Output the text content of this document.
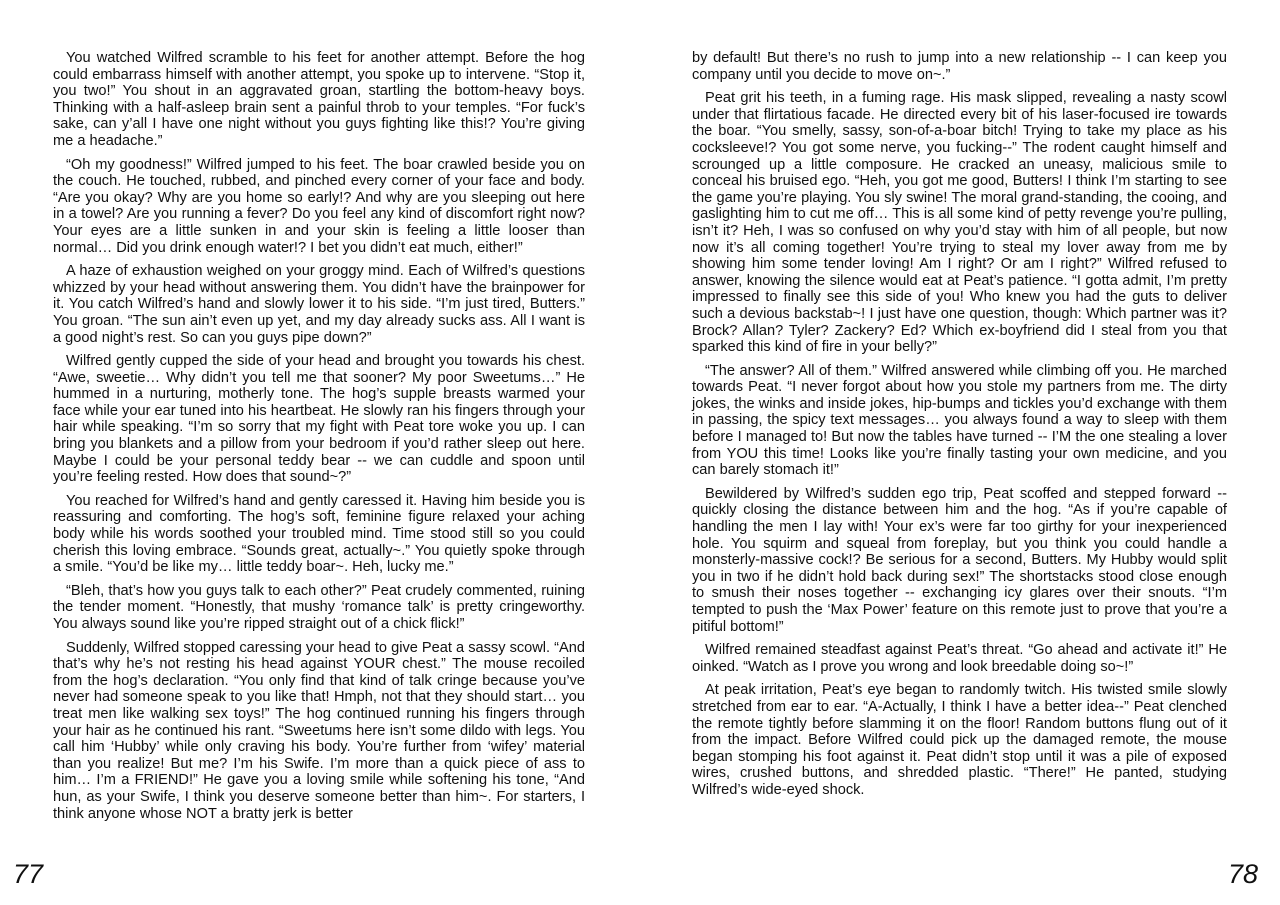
You watched Wilfred scramble to his feet for another attempt. Before the hog could embarrass himself with another attempt, you spoke up to intervene. “Stop it, you two!” You shout in an aggravated groan, startling the bottom-heavy boys. Thinking with a half-asleep brain sent a painful throb to your temples. “For fuck’s sake, can y’all I have one night without you guys fighting like this!? You’re giving me a headache.”

“Oh my goodness!” Wilfred jumped to his feet. The boar crawled beside you on the couch. He touched, rubbed, and pinched every corner of your face and body. “Are you okay? Why are you home so early!? And why are you sleeping out here in a towel? Are you running a fever? Do you feel any kind of discomfort right now? Your eyes are a little sunken in and your skin is feeling a little looser than normal… Did you drink enough water!? I bet you didn’t eat much, either!”

A haze of exhaustion weighed on your groggy mind. Each of Wilfred’s questions whizzed by your head without answering them. You didn’t have the brainpower for it. You catch Wilfred’s hand and slowly lower it to his side. “I’m just tired, Butters.” You groan. “The sun ain’t even up yet, and my day already sucks ass. All I want is a good night’s rest. So can you guys pipe down?”

Wilfred gently cupped the side of your head and brought you towards his chest. “Awe, sweetie… Why didn’t you tell me that sooner? My poor Sweetums…” He hummed in a nurturing, motherly tone. The hog’s supple breasts warmed your face while your ear tuned into his heartbeat. He slowly ran his fingers through your hair while speaking. “I’m so sorry that my fight with Peat tore woke you up. I can bring you blankets and a pillow from your bedroom if you’d rather sleep out here. Maybe I could be your personal teddy bear -- we can cuddle and spoon until you’re feeling rested. How does that sound~?”

You reached for Wilfred’s hand and gently caressed it. Having him beside you is reassuring and comforting. The hog’s soft, feminine figure relaxed your aching body while his words soothed your troubled mind. Time stood still so you could cherish this loving embrace. “Sounds great, actually~.” You quietly spoke through a smile. “You’d be like my… little teddy boar~. Heh, lucky me.”

“Bleh, that’s how you guys talk to each other?” Peat crudely commented, ruining the tender moment. “Honestly, that mushy ‘romance talk’ is pretty cringeworthy. You always sound like you’re ripped straight out of a chick flick!”

Suddenly, Wilfred stopped caressing your head to give Peat a sassy scowl. “And that’s why he’s not resting his head against YOUR chest.” The mouse recoiled from the hog’s declaration. “You only find that kind of talk cringe because you’ve never had someone speak to you like that! Hmph, not that they should start… you treat men like walking sex toys!” The hog continued running his fingers through your hair as he continued his rant. “Sweetums here isn’t some dildo with legs. You call him ‘Hubby’ while only craving his body. You’re further from ‘wifey’ material than you realize! But me? I’m his Swife. I’m more than a quick piece of ass to him… I’m a FRIEND!” He gave you a loving smile while softening his tone, “And hun, as your Swife, I think you deserve someone better than him~. For starters, I think anyone whose NOT a bratty jerk is better

by default! But there’s no rush to jump into a new relationship -- I can keep you company until you decide to move on~.”

Peat grit his teeth, in a fuming rage. His mask slipped, revealing a nasty scowl under that flirtatious facade. He directed every bit of his laser-focused ire towards the boar. “You smelly, sassy, son-of-a-boar bitch! Trying to take my place as his cocksleeve!? You got some nerve, you fucking--” The rodent caught himself and scrounged up a little composure. He cracked an uneasy, malicious smile to conceal his bruised ego. “Heh, you got me good, Butters! I think I’m starting to see the game you’re playing. You sly swine! The moral grand-standing, the cooing, and gaslighting him to cut me off… This is all some kind of petty revenge you’re pulling, isn’t it? Heh, I was so confused on why you’d stay with him of all people, but now now it’s all coming together! You’re trying to steal my lover away from me by showing him some tender loving! Am I right? Or am I right?” Wilfred refused to answer, knowing the silence would eat at Peat’s patience. “I gotta admit, I’m pretty impressed to finally see this side of you! Who knew you had the guts to deliver such a devious backstab~! I just have one question, though: Which partner was it? Brock? Allan? Tyler? Zackery? Ed? Which ex-boyfriend did I steal from you that sparked this kind of fire in your belly?”

“The answer? All of them.” Wilfred answered while climbing off you. He marched towards Peat. “I never forgot about how you stole my partners from me. The dirty jokes, the winks and inside jokes, hip-bumps and tickles you’d exchange with them in passing, the spicy text messages… you always found a way to sleep with them before I managed to! But now the tables have turned -- I’M the one stealing a lover from YOU this time! Looks like you’re finally tasting your own medicine, and you can barely stomach it!”

Bewildered by Wilfred’s sudden ego trip, Peat scoffed and stepped forward -- quickly closing the distance between him and the hog. “As if you’re capable of handling the men I lay with! Your ex’s were far too girthy for your inexperienced hole. You squirm and squeal from foreplay, but you think you could handle a monsterly-massive cock!? Be serious for a second, Butters. My Hubby would split you in two if he didn’t hold back during sex!” The shortstacks stood close enough to smush their noses together -- exchanging icy glares over their snouts. “I’m tempted to push the ‘Max Power’ feature on this remote just to prove that you’re a pitiful bottom!”

Wilfred remained steadfast against Peat’s threat. “Go ahead and activate it!” He oinked. “Watch as I prove you wrong and look breedable doing so~!”

At peak irritation, Peat’s eye began to randomly twitch. His twisted smile slowly stretched from ear to ear. “A-Actually, I think I have a better idea--” Peat clenched the remote tightly before slamming it on the floor! Random buttons flung out of it from the impact. Before Wilfred could pick up the damaged remote, the mouse began stomping his foot against it. Peat didn’t stop until it was a pile of exposed wires, crushed buttons, and shredded plastic. “There!” He panted, studying Wilfred’s wide-eyed shock.

77	78
